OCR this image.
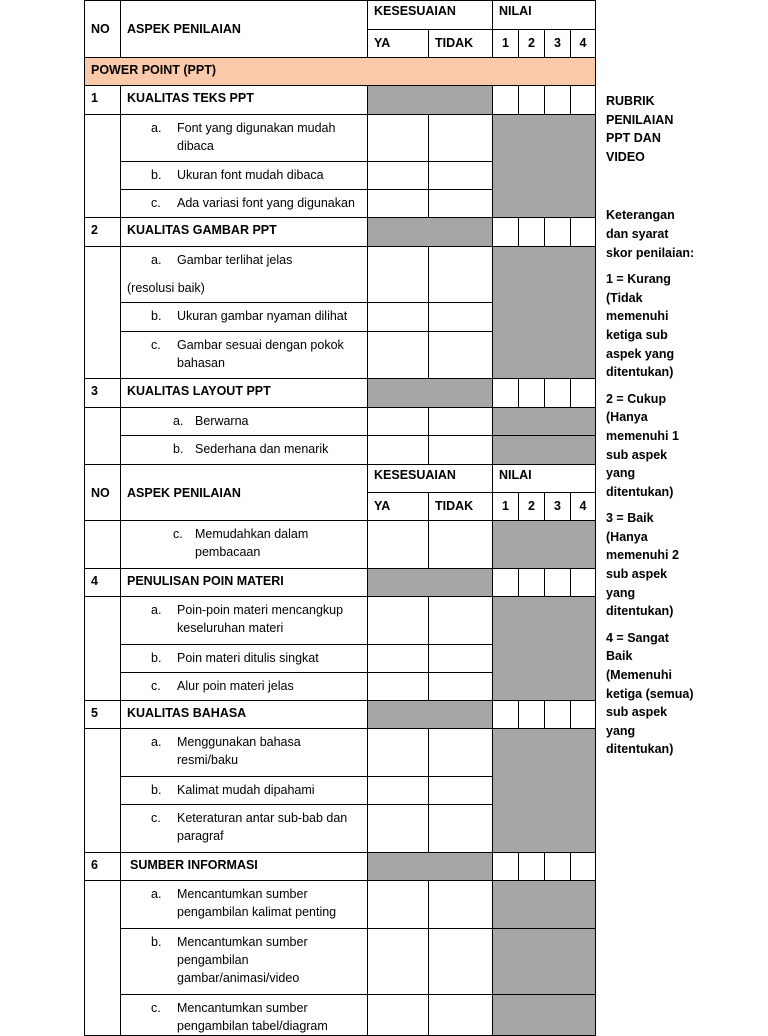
NO	ASPEK PENILAIAN	KESESUAIAN		NILAI			
		YA	TIDAK	1	2	3	4
POWER POINT (PPT)							
1	KUALITAS TEKS PPT						

	a. Font yang digunakan mudah dibaca						

	b. Ukuran font mudah dibaca						

	c. Ada variasi font yang digunakan						

2	KUALITAS GAMBAR PPT						

	a. Gambar terlihat jelas
(resolusi baik)						

	b. Ukuran gambar nyaman dilihat						

	c. Gambar sesuai dengan pokok bahasan						

3	KUALITAS LAYOUT PPT						

	a. Berwarna						

	b. Sederhana dan menarik						

NO	ASPEK PENILAIAN	KESESUAIAN		NILAI			
		YA	TIDAK	1	2	3	4

	c. Memudahkan dalam pembacaan						

4	PENULISAN POIN MATERI						

	a. Poin-poin materi mencangkup keseluruhan materi						

	b. Poin materi ditulis singkat						

	c. Alur poin materi jelas						

5	KUALITAS BAHASA						

	a. Menggunakan bahasa resmi/baku						

	b. Kalimat mudah dipahami						

	c. Keteraturan antar sub-bab dan paragraf						

6	SUMBER INFORMASI						

	a. Mencantumkan sumber pengambilan kalimat penting						

	b. Mencantumkan sumber pengambilan gambar/animasi/video						

	c. Mencantumkan sumber pengambilan tabel/diagram						

RUBRIK PENILAIAN PPT DAN VIDEO

Keterangan dan syarat skor penilaian:

1 = Kurang (Tidak memenuhi ketiga sub aspek yang ditentukan)

2 = Cukup (Hanya memenuhi 1 sub aspek yang ditentukan)

3 = Baik (Hanya memenuhi 2 sub aspek yang ditentukan)

4 = Sangat Baik (Memenuhi ketiga (semua) sub aspek yang ditentukan)
